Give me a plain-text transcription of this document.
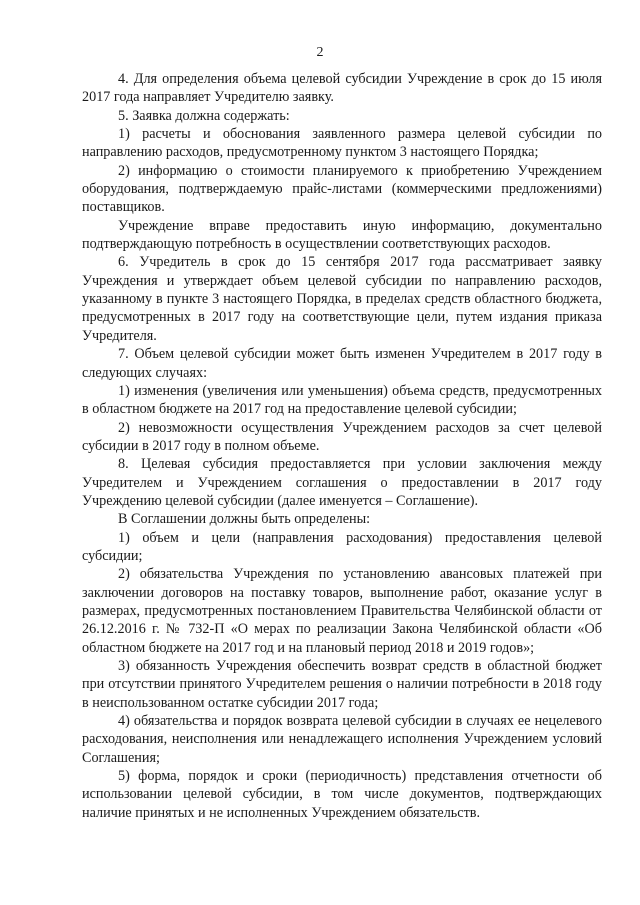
2

4. Для определения объема целевой субсидии Учреждение в срок до 15 июля 2017 года направляет Учредителю заявку.

5. Заявка должна содержать:

1) расчеты и обоснования заявленного размера целевой субсидии по направлению расходов, предусмотренному пунктом 3 настоящего Порядка;

2) информацию о стоимости планируемого к приобретению Учреждением оборудования, подтверждаемую прайс-листами (коммерческими предложениями) поставщиков.

Учреждение вправе предоставить иную информацию, документально подтверждающую потребность в осуществлении соответствующих расходов.

6. Учредитель в срок до 15 сентября 2017 года рассматривает заявку Учреждения и утверждает объем целевой субсидии по направлению расходов, указанному в пункте 3 настоящего Порядка, в пределах средств областного бюджета, предусмотренных в 2017 году на соответствующие цели, путем издания приказа Учредителя.

7. Объем целевой субсидии может быть изменен Учредителем в 2017 году в следующих случаях:

1) изменения (увеличения или уменьшения) объема средств, предусмотренных в областном бюджете на 2017 год на предоставление целевой субсидии;

2) невозможности осуществления Учреждением расходов за счет целевой субсидии в 2017 году в полном объеме.

8. Целевая субсидия предоставляется при условии заключения между Учредителем и Учреждением соглашения о предоставлении в 2017 году Учреждению целевой субсидии (далее именуется – Соглашение).

В Соглашении должны быть определены:

1) объем и цели (направления расходования) предоставления целевой субсидии;

2) обязательства Учреждения по установлению авансовых платежей при заключении договоров на поставку товаров, выполнение работ, оказание услуг в размерах, предусмотренных постановлением Правительства Челябинской области от 26.12.2016 г. № 732-П «О мерах по реализации Закона Челябинской области «Об областном бюджете на 2017 год и на плановый период 2018 и 2019 годов»;

3) обязанность Учреждения обеспечить возврат средств в областной бюджет при отсутствии принятого Учредителем решения о наличии потребности в 2018 году в неиспользованном остатке субсидии 2017 года;

4) обязательства и порядок возврата целевой субсидии в случаях ее нецелевого расходования, неисполнения или ненадлежащего исполнения Учреждением условий Соглашения;

5) форма, порядок и сроки (периодичность) представления отчетности об использовании целевой субсидии, в том числе документов, подтверждающих наличие принятых и не исполненных Учреждением обязательств.
